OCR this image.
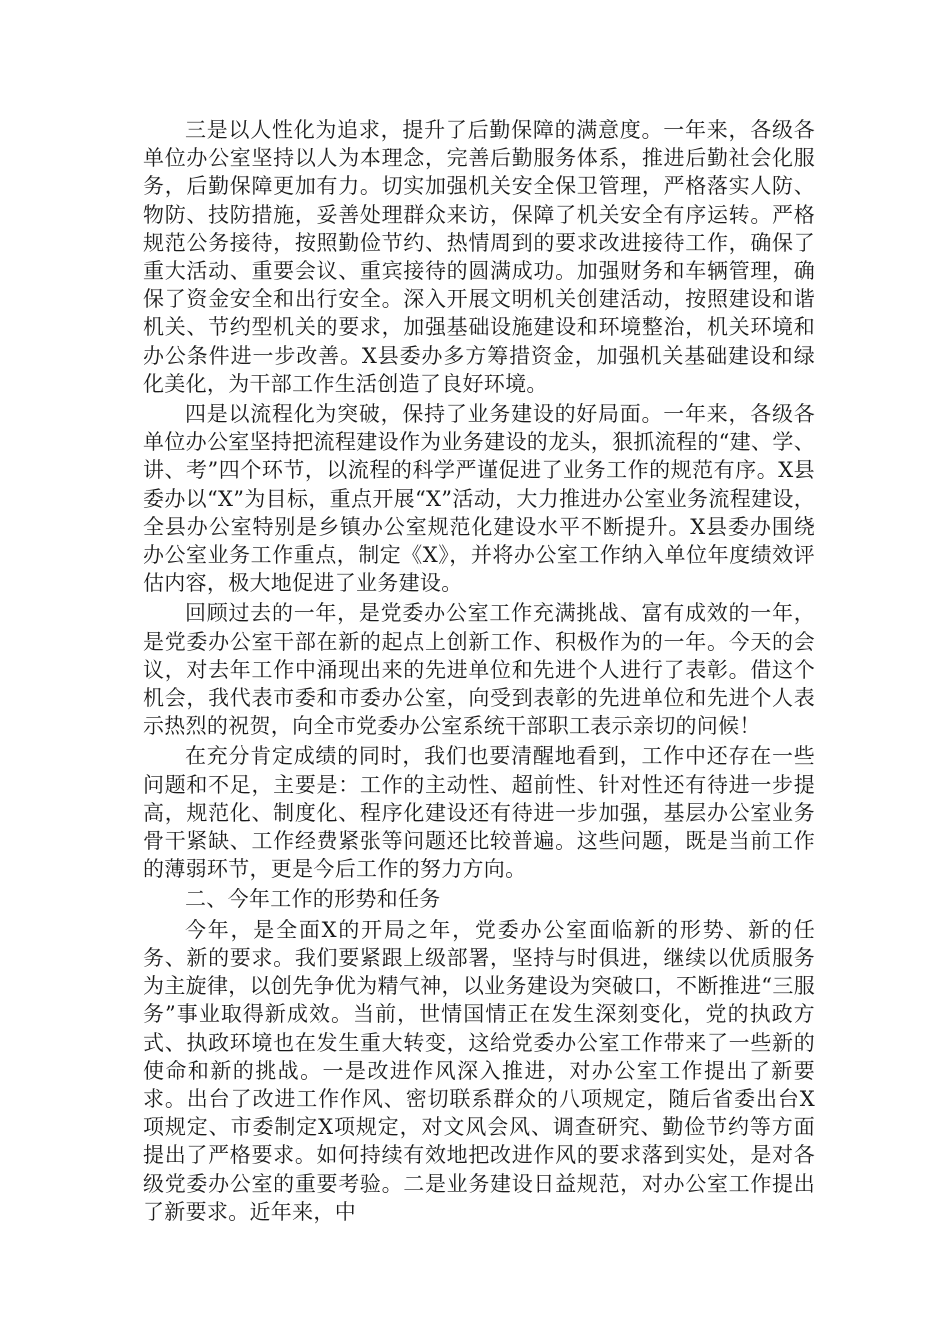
三是以人性化为追求，提升了后勤保障的满意度。一年来，各级各单位办公室坚持以人为本理念，完善后勤服务体系，推进后勤社会化服务，后勤保障更加有力。切实加强机关安全保卫管理，严格落实人防、物防、技防措施，妥善处理群众来访，保障了机关安全有序运转。严格规范公务接待，按照勤俭节约、热情周到的要求改进接待工作，确保了重大活动、重要会议、重宾接待的圆满成功。加强财务和车辆管理，确保了资金安全和出行安全。深入开展文明机关创建活动，按照建设和谐机关、节约型机关的要求，加强基础设施建设和环境整治，机关环境和办公条件进一步改善。X县委办多方筹措资金，加强机关基础建设和绿化美化，为干部工作生活创造了良好环境。

四是以流程化为突破，保持了业务建设的好局面。一年来，各级各单位办公室坚持把流程建设作为业务建设的龙头，狠抓流程的“建、学、讲、考”四个环节，以流程的科学严谨促进了业务工作的规范有序。X县委办以“X”为目标，重点开展“X”活动，大力推进办公室业务流程建设，全县办公室特别是乡镇办公室规范化建设水平不断提升。X县委办围绕办公室业务工作重点，制定《X》，并将办公室工作纳入单位年度绩效评估内容，极大地促进了业务建设。

回顾过去的一年，是党委办公室工作充满挑战、富有成效的一年，是党委办公室干部在新的起点上创新工作、积极作为的一年。今天的会议，对去年工作中涌现出来的先进单位和先进个人进行了表彰。借这个机会，我代表市委和市委办公室，向受到表彰的先进单位和先进个人表示热烈的祝贺，向全市党委办公室系统干部职工表示亲切的问候！

在充分肯定成绩的同时，我们也要清醒地看到，工作中还存在一些问题和不足，主要是：工作的主动性、超前性、针对性还有待进一步提高，规范化、制度化、程序化建设还有待进一步加强，基层办公室业务骨干紧缺、工作经费紧张等问题还比较普遍。这些问题，既是当前工作的薄弱环节，更是今后工作的努力方向。

二、今年工作的形势和任务

今年，是全面X的开局之年，党委办公室面临新的形势、新的任务、新的要求。我们要紧跟上级部署，坚持与时俱进，继续以优质服务为主旋律，以创先争优为精气神，以业务建设为突破口，不断推进“三服务”事业取得新成效。当前，世情国情正在发生深刻变化，党的执政方式、执政环境也在发生重大转变，这给党委办公室工作带来了一些新的使命和新的挑战。一是改进作风深入推进，对办公室工作提出了新要求。出台了改进工作作风、密切联系群众的八项规定，随后省委出台X项规定、市委制定X项规定，对文风会风、调查研究、勤俭节约等方面提出了严格要求。如何持续有效地把改进作风的要求落到实处，是对各级党委办公室的重要考验。二是业务建设日益规范，对办公室工作提出了新要求。近年来，中
